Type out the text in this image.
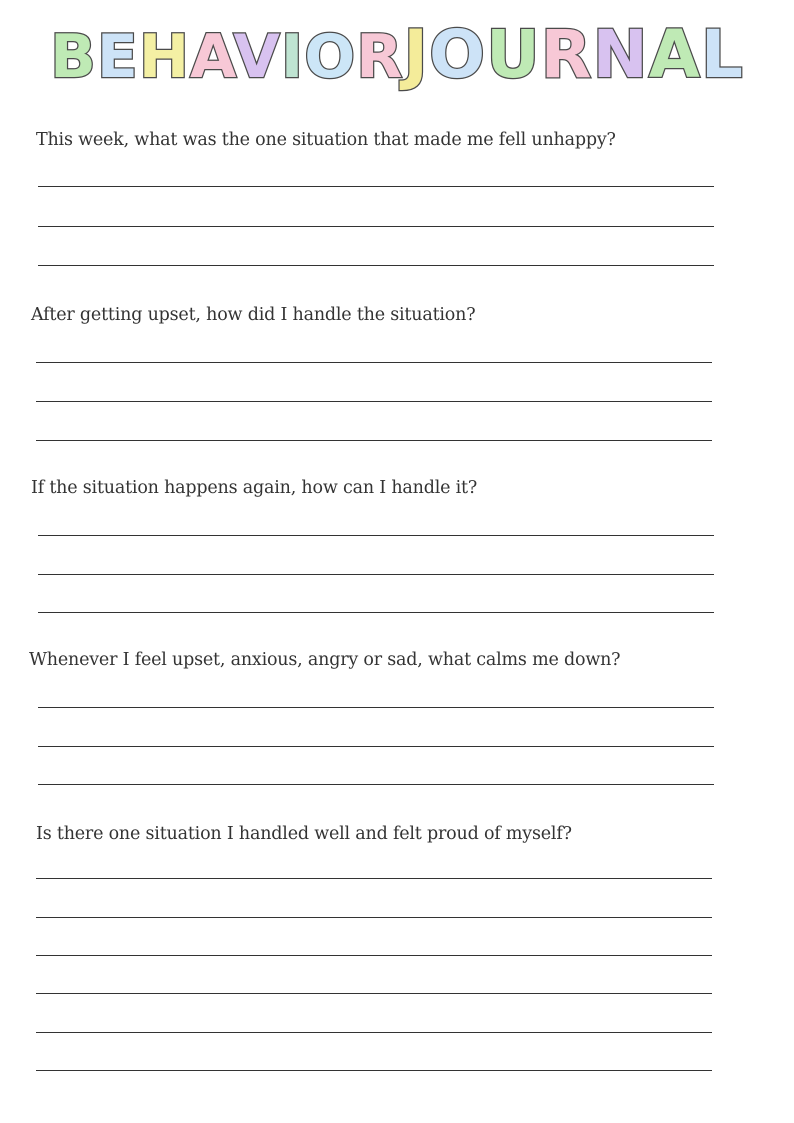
BEHAVIORJOURNAL
This week, what was the one situation that made me fell unhappy?
After getting upset, how did I handle the situation?
If the situation happens again, how can I handle it?
Whenever I feel upset, anxious, angry or sad, what calms me down?
Is there one situation I handled well and felt proud of myself?
